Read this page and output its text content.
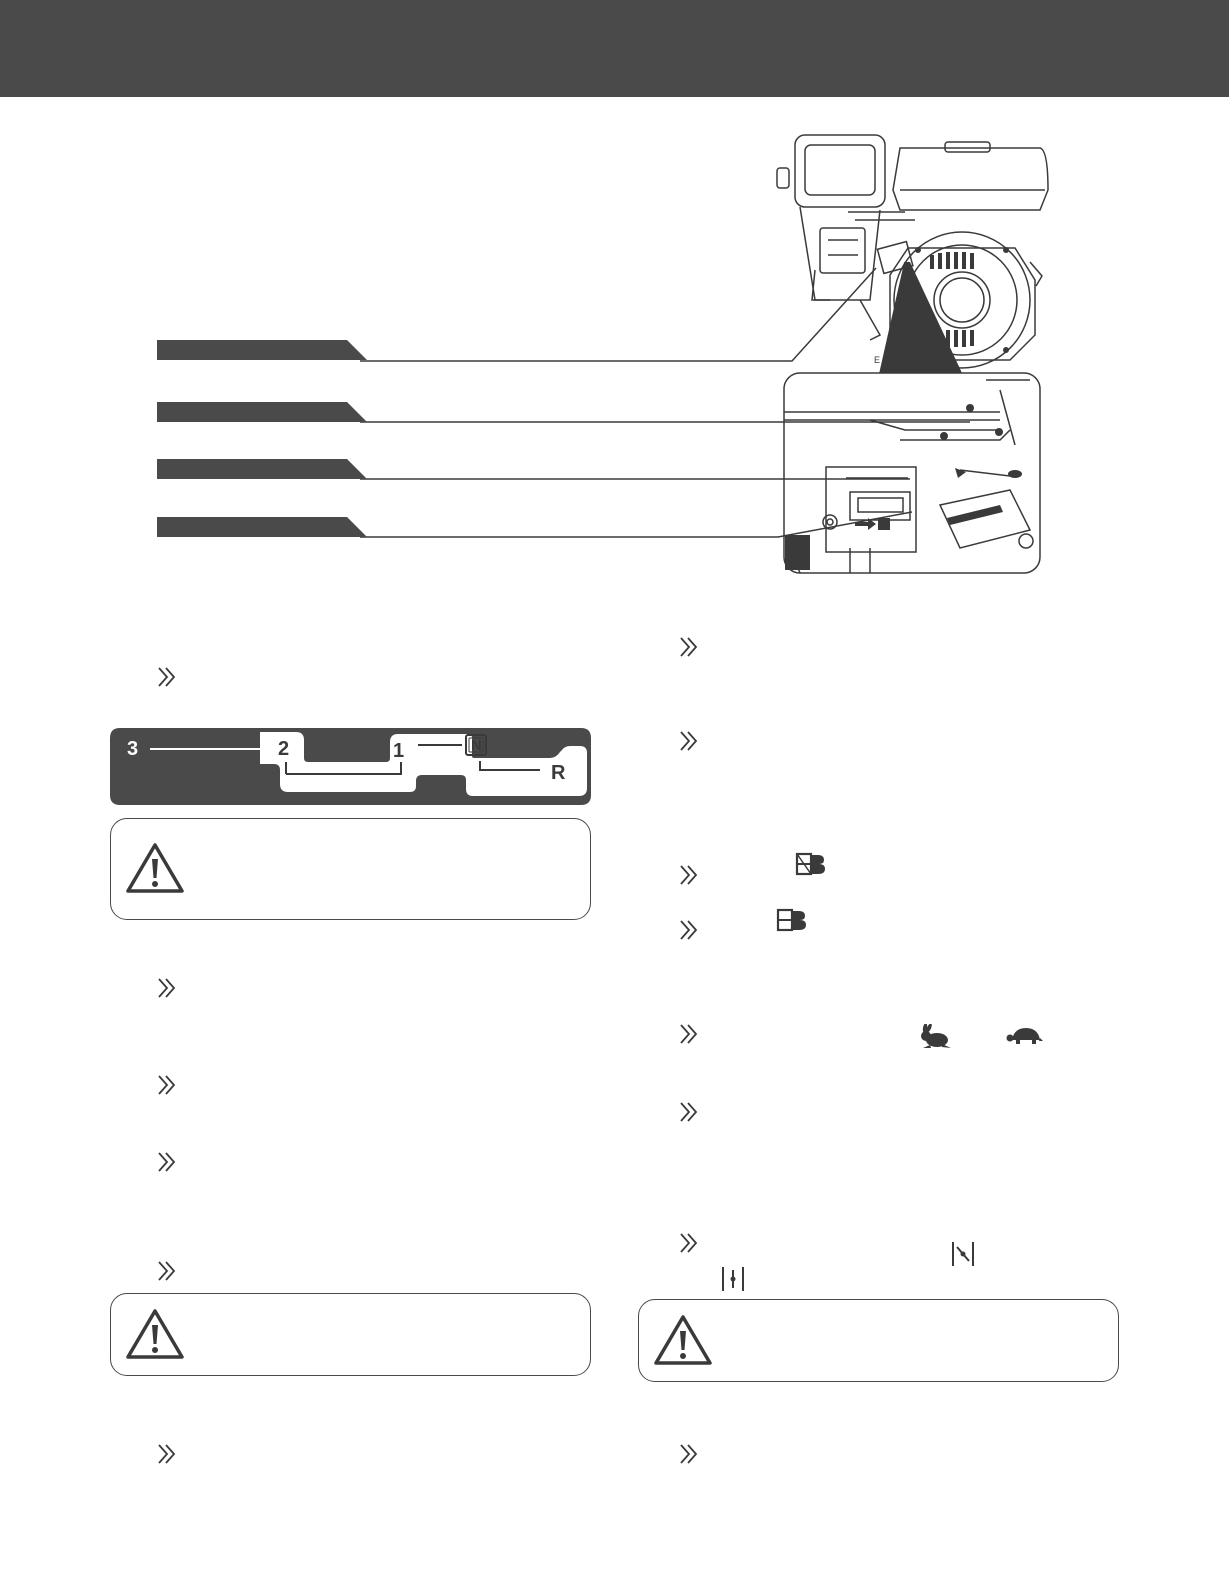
E
3	2	1	N
R
